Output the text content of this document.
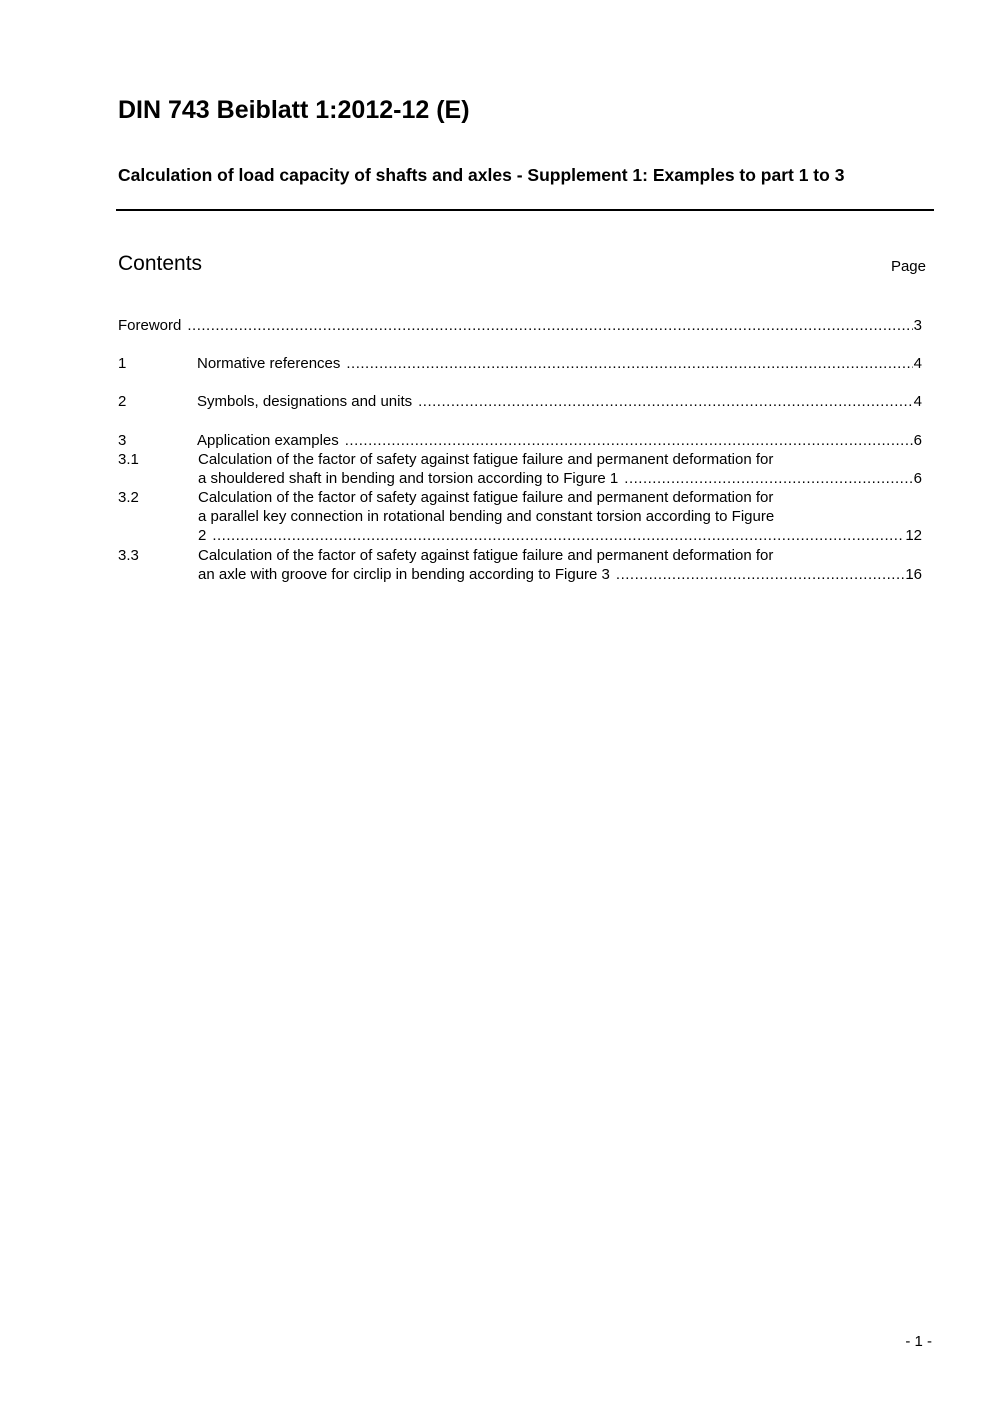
DIN 743 Beiblatt 1:2012-12 (E)
Calculation of load capacity of shafts and axles - Supplement 1: Examples to part 1 to 3
Contents	Page
Foreword .....	3
1	Normative references .....	4
2	Symbols, designations and units .....	4
3	Application examples .....	6
3.1	Calculation of the factor of safety against fatigue failure and permanent deformation for
a shouldered shaft in bending and torsion according to Figure 1 .....	6
3.2	Calculation of the factor of safety against fatigue failure and permanent deformation for
a parallel key connection in rotational bending and constant torsion according to Figure
2 .....	12
3.3	Calculation of the factor of safety against fatigue failure and permanent deformation for
an axle with groove for circlip in bending according to Figure 3 .....	16
- 1 -
